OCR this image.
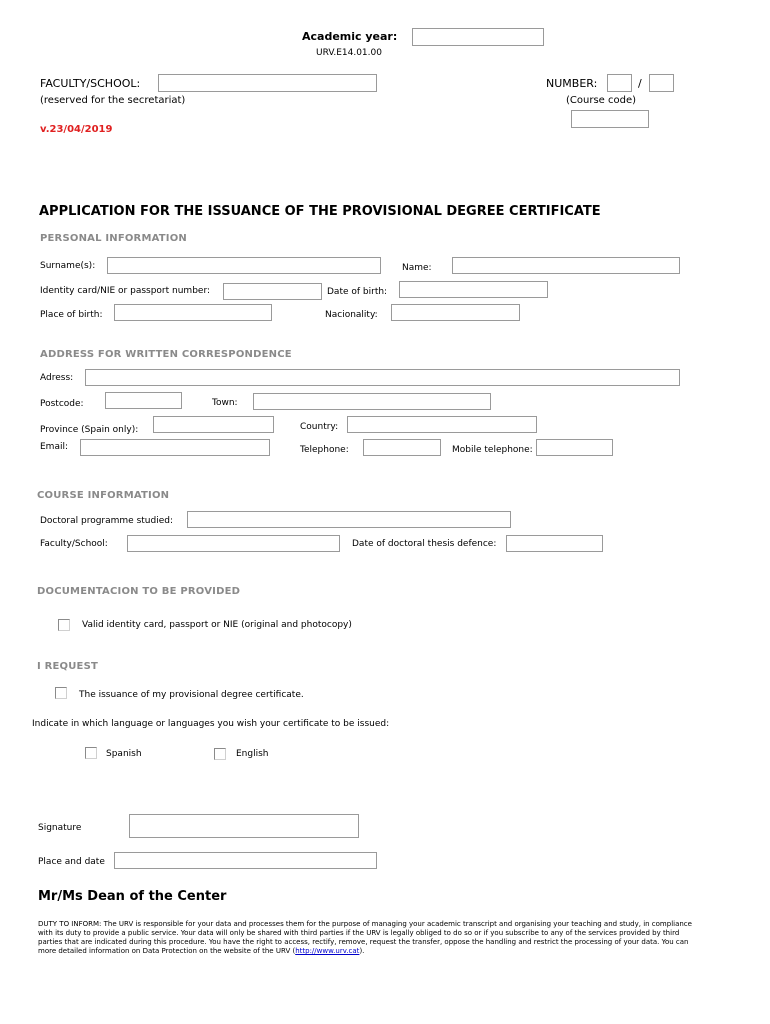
Academic year:
URV.E14.01.00
FACULTY/SCHOOL:
(reserved for the secretariat)
NUMBER:	/
(Course code)
v.23/04/2019
APPLICATION FOR THE ISSUANCE OF THE PROVISIONAL DEGREE CERTIFICATE
PERSONAL INFORMATION
Surname(s):	Name:
Identity card/NIE or passport number:	Date of birth:
Place of birth:	Nacionality:
ADDRESS FOR WRITTEN CORRESPONDENCE
Adress:
Postcode:	Town:
Province (Spain only):	Country:
Email:	Telephone:	Mobile telephone:
COURSE INFORMATION
Doctoral programme studied:
Faculty/School:	Date of doctoral thesis defence:
DOCUMENTACION TO BE PROVIDED
Valid identity card, passport or NIE (original and photocopy)
I REQUEST
The issuance of my provisional degree certificate.
Indicate in which language or languages you wish your certificate to be issued:
Spanish	English
Signature
Place and date
Mr/Ms Dean of the Center
DUTY TO INFORM: The URV is responsible for your data and processes them for the purpose of managing your academic transcript and organising your teaching and study, in compliance with its duty to provide a public service. Your data will only be shared with third parties if the URV is legally obliged to do so or if you subscribe to any of the services provided by third parties that are indicated during this procedure. You have the right to access, rectify, remove, request the transfer, oppose the handling and restrict the processing of your data. You can more detailed information on Data Protection on the website of the URV (http://www.urv.cat).
